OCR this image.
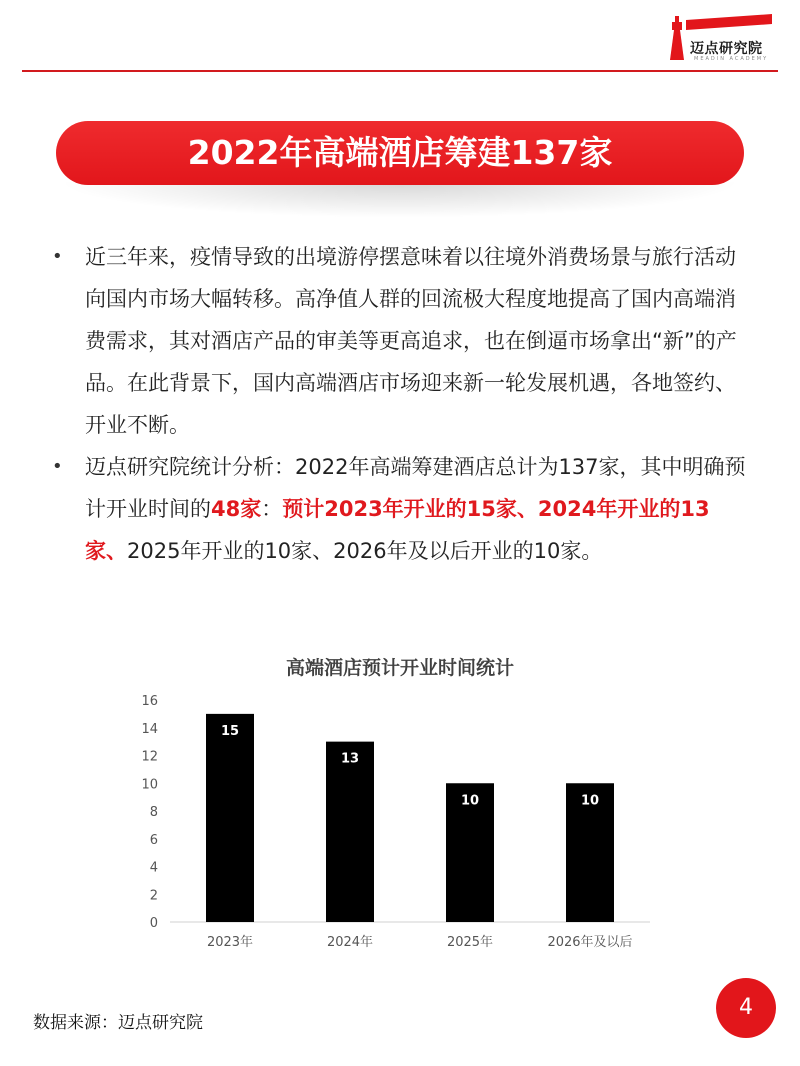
迈点研究院
MEADIN ACADEMY
2022年高端酒店筹建137家
• 近三年来，疫情导致的出境游停摆意味着以往境外消费场景与旅行活动向国内市场大幅转移。高净值人群的回流极大程度地提高了国内高端消费需求，其对酒店产品的审美等更高追求，也在倒逼市场拿出“新”的产品。在此背景下，国内高端酒店市场迎来新一轮发展机遇，各地签约、开业不断。
• 迈点研究院统计分析：2022年高端筹建酒店总计为137家，其中明确预计开业时间的48家：预计2023年开业的15家、2024年开业的13家、2025年开业的10家、2026年及以后开业的10家。
高端酒店预计开业时间统计
0
2
4
6
8
10
12
14
16
15
2023年
13
2024年
10
2025年
10
2026年及以后
数据来源：迈点研究院
4
